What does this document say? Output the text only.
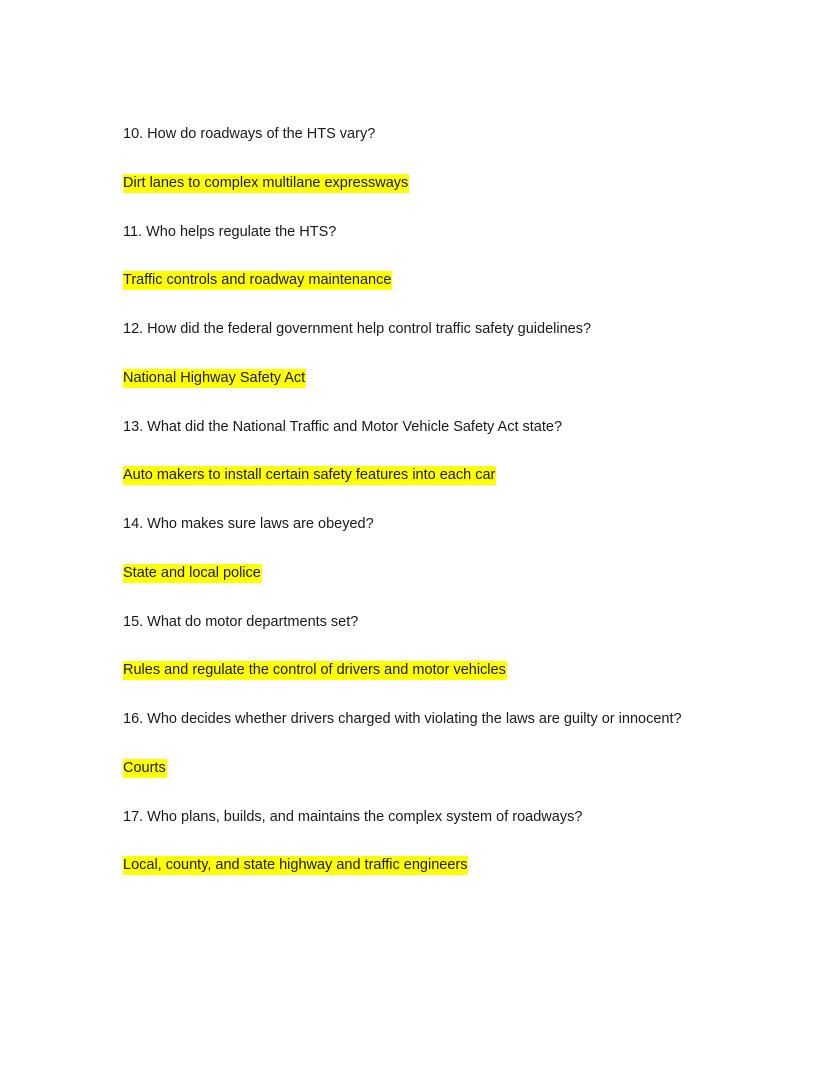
10. How do roadways of the HTS vary?
Dirt lanes to complex multilane expressways
11. Who helps regulate the HTS?
Traffic controls and roadway maintenance
12. How did the federal government help control traffic safety guidelines?
National Highway Safety Act
13. What did the National Traffic and Motor Vehicle Safety Act state?
Auto makers to install certain safety features into each car
14. Who makes sure laws are obeyed?
State and local police
15. What do motor departments set?
Rules and regulate the control of drivers and motor vehicles
16. Who decides whether drivers charged with violating the laws are guilty or innocent?
Courts
17. Who plans, builds, and maintains the complex system of roadways?
Local, county, and state highway and traffic engineers
